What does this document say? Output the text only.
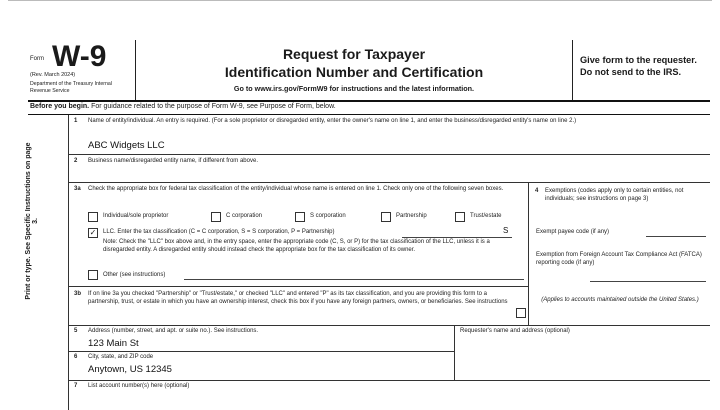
Form W-9
(Rev. March 2024)
Department of the Treasury Internal Revenue Service
Request for Taxpayer
Identification Number and Certification
Go to www.irs.gov/FormW9 for instructions and the latest information.
Give form to the requester. Do not send to the IRS.
Before you begin. For guidance related to the purpose of Form W-9, see Purpose of Form, below.
Print or type. See Specific Instructions on page 3.
1 Name of entity/individual. An entry is required. (For a sole proprietor or disregarded entity, enter the owner's name on line 1, and enter the business/disregarded entity's name on line 2.)
ABC Widgets LLC
2 Business name/disregarded entity name, if different from above.
3a Check the appropriate box for federal tax classification of the entity/individual whose name is entered on line 1. Check only one of the following seven boxes.
Individual/sole proprietor	C corporation	S corporation	Partnership	Trust/estate
✓ LLC. Enter the tax classification (C = C corporation, S = S corporation, P = Partnership)	S
Note: Check the "LLC" box above and, in the entry space, enter the appropriate code (C, S, or P) for the tax classification of the LLC, unless it is a disregarded entity. A disregarded entity should instead check the appropriate box for the tax classification of its owner.
Other (see instructions)
4 Exemptions (codes apply only to certain entities, not individuals; see instructions on page 3)
Exempt payee code (if any)
Exemption from Foreign Account Tax Compliance Act (FATCA) reporting code (if any)
(Applies to accounts maintained outside the United States.)
3b If on line 3a you checked "Partnership" or "Trust/estate," or checked "LLC" and entered "P" as its tax classification, and you are providing this form to a partnership, trust, or estate in which you have an ownership interest, check this box if you have any foreign partners, owners, or beneficiaries. See instructions
5 Address (number, street, and apt. or suite no.). See instructions.
123 Main St
Requester's name and address (optional)
6 City, state, and ZIP code
Anytown, US 12345
7 List account number(s) here (optional)
